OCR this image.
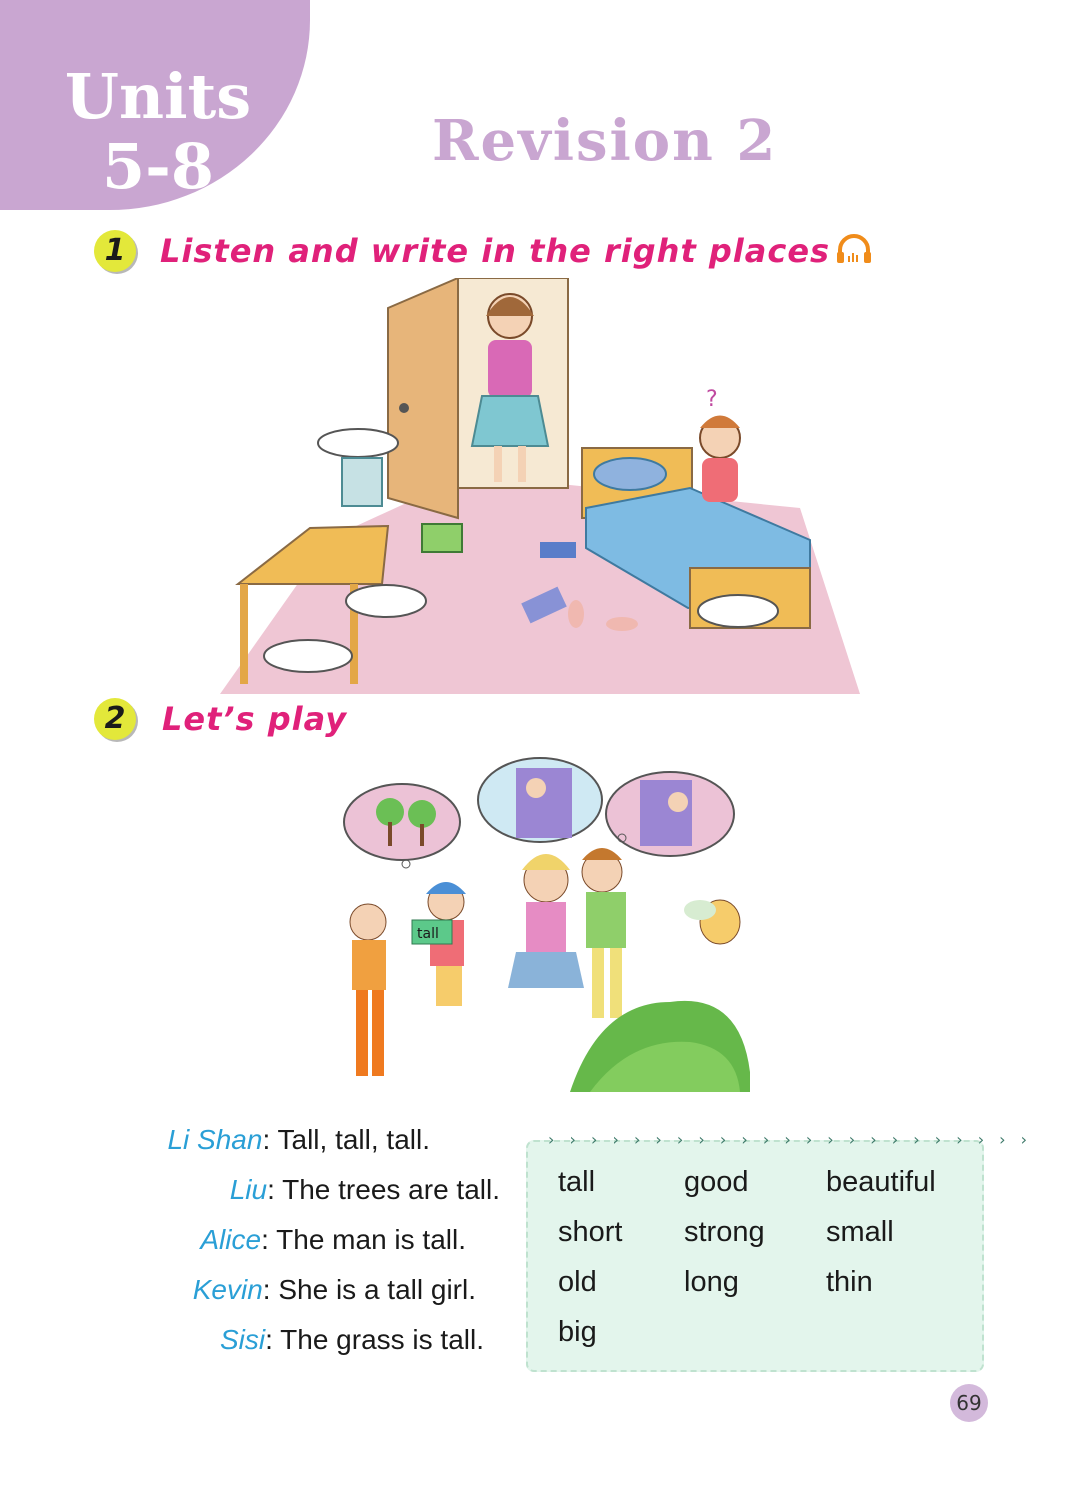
Units
5-8	Revision 2
1	Listen and write in the right places
?
2	Let’s play
tall
Li Shan: Tall, tall, tall.
Liu: The trees are tall.
Alice: The man is tall.
Kevin: She is a tall girl.
Sisi: The grass is tall.
› › › › › › › › › › › › › › › › › › › › › › ›
tall	good	beautiful
short strong small
old	long	thin
big
69
